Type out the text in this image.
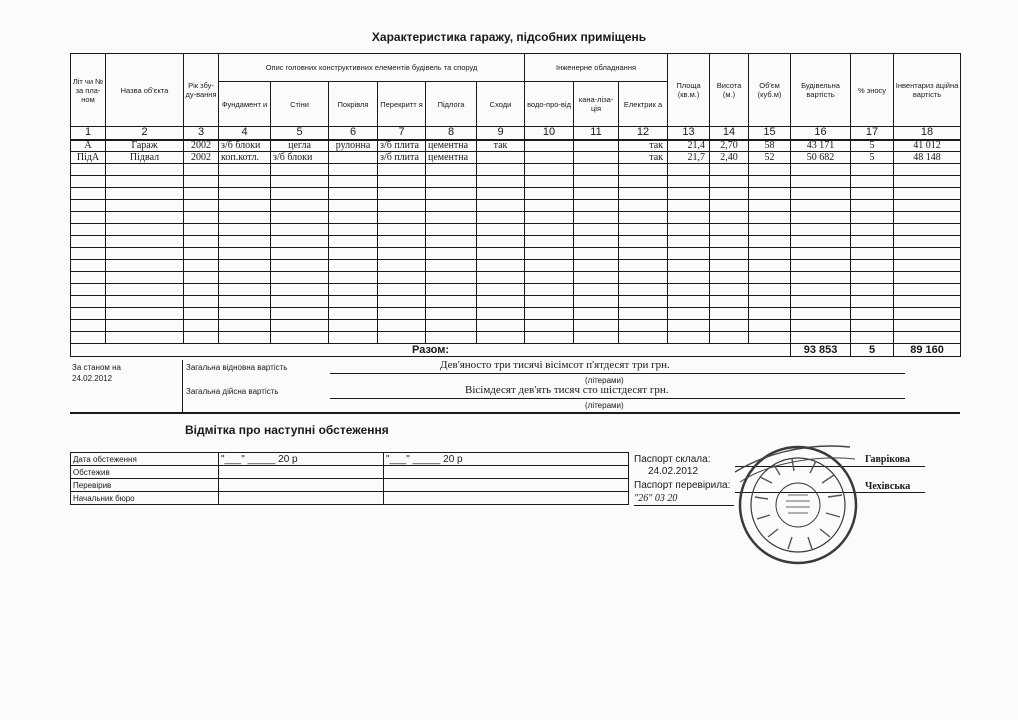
Характеристика гаражу, підсобних приміщень
Літ чи № за пла-ном	Назва об'єкта	Рік збу-ду-вання	Опис головних конструктивних елементів будівель та споруд						Інженерне обладнання			Площа (кв.м.)	Висота (м.)	Об'єм (куб.м)	Будівельна вартість	% зносу	Інвентариз аційна вартість
			Фундамент и	Стіни	Покрівля	Перекритт я	Підлога	Сходи	водо-про-від	кана-ліза-ція	Електрик а						
1	2	3	4	5	6	7	8	9	10	11	12	13	14	15	16	17	18
А	Гараж	2002	з/б блоки	цегла	рулонна	з/б плита	цементна	так			так	21,4	2,70	58	43 171	5	41 012
ПідА	Підвал	2002	коп.котл.	з/б блоки		з/б плита	цементна				так	21,7	2,40	52	50 682	5	48 148

Разом:															93 853	5	89 160
За станом на
24.02.2012
Загальна відновна вартість	Дев'яносто три тисячі вісімсот п'ятдесят три грн.
(літерами)
Загальна дійсна вартість	Вісімдесят дев'ять тисяч сто шістдесят грн.
(літерами)
Відмітка про наступні обстеження
Дата обстеження	"___" _____ 20 р	"___" _____ 20 р
Обстежив		
Перевірив		
Начальник бюро		
Паспорт склала:
24.02.2012
Паспорт перевірила:
"26" 03 20
Гаврікова
Чехівська
